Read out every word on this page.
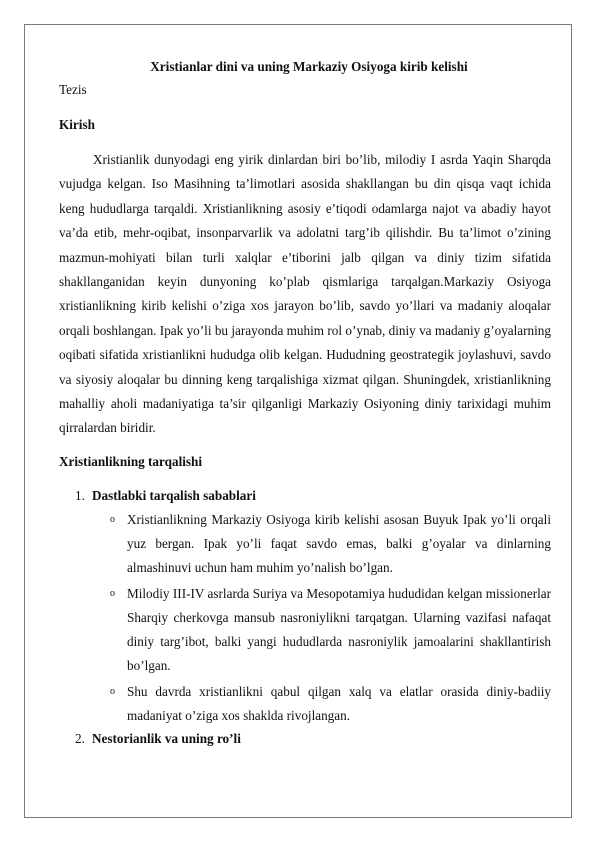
Xristianlar dini va uning Markaziy Osiyoga kirib kelishi

Tezis

Kirish

Xristianlik dunyodagi eng yirik dinlardan biri bo’lib, milodiy I asrda Yaqin Sharqda vujudga kelgan. Iso Masihning ta’limotlari asosida shakllangan bu din qisqa vaqt ichida keng hududlarga tarqaldi. Xristianlikning asosiy e’tiqodi odamlarga najot va abadiy hayot va’da etib, mehr-oqibat, insonparvarlik va adolatni targ’ib qilishdir. Bu ta’limot o’zining mazmun-mohiyati bilan turli xalqlar e’tiborini jalb qilgan va diniy tizim sifatida shakllanganidan keyin dunyoning ko’plab qismlariga tarqalgan.Markaziy Osiyoga xristianlikning kirib kelishi o’ziga xos jarayon bo’lib, savdo yo’llari va madaniy aloqalar orqali boshlangan. Ipak yo’li bu jarayonda muhim rol o’ynab, diniy va madaniy g’oyalarning oqibati sifatida xristianlikni hududga olib kelgan. Hududning geostrategik joylashuvi, savdo va siyosiy aloqalar bu dinning keng tarqalishiga xizmat qilgan. Shuningdek, xristianlikning mahalliy aholi madaniyatiga ta’sir qilganligi Markaziy Osiyoning diniy tarixidagi muhim qirralardan biridir.

Xristianlikning tarqalishi

1. Dastlabki tarqalish sabablari
o Xristianlikning Markaziy Osiyoga kirib kelishi asosan Buyuk Ipak yo’li orqali yuz bergan. Ipak yo’li faqat savdo emas, balki g’oyalar va dinlarning almashinuvi uchun ham muhim yo’nalish bo’lgan.
o Milodiy III-IV asrlarda Suriya va Mesopotamiya hududidan kelgan missionerlar Sharqiy cherkovga mansub nasroniylikni tarqatgan. Ularning vazifasi nafaqat diniy targ’ibot, balki yangi hududlarda nasroniylik jamoalarini shakllantirish bo’lgan.
o Shu davrda xristianlikni qabul qilgan xalq va elatlar orasida diniy-badiiy madaniyat o’ziga xos shaklda rivojlangan.
2. Nestorianlik va uning ro’li
